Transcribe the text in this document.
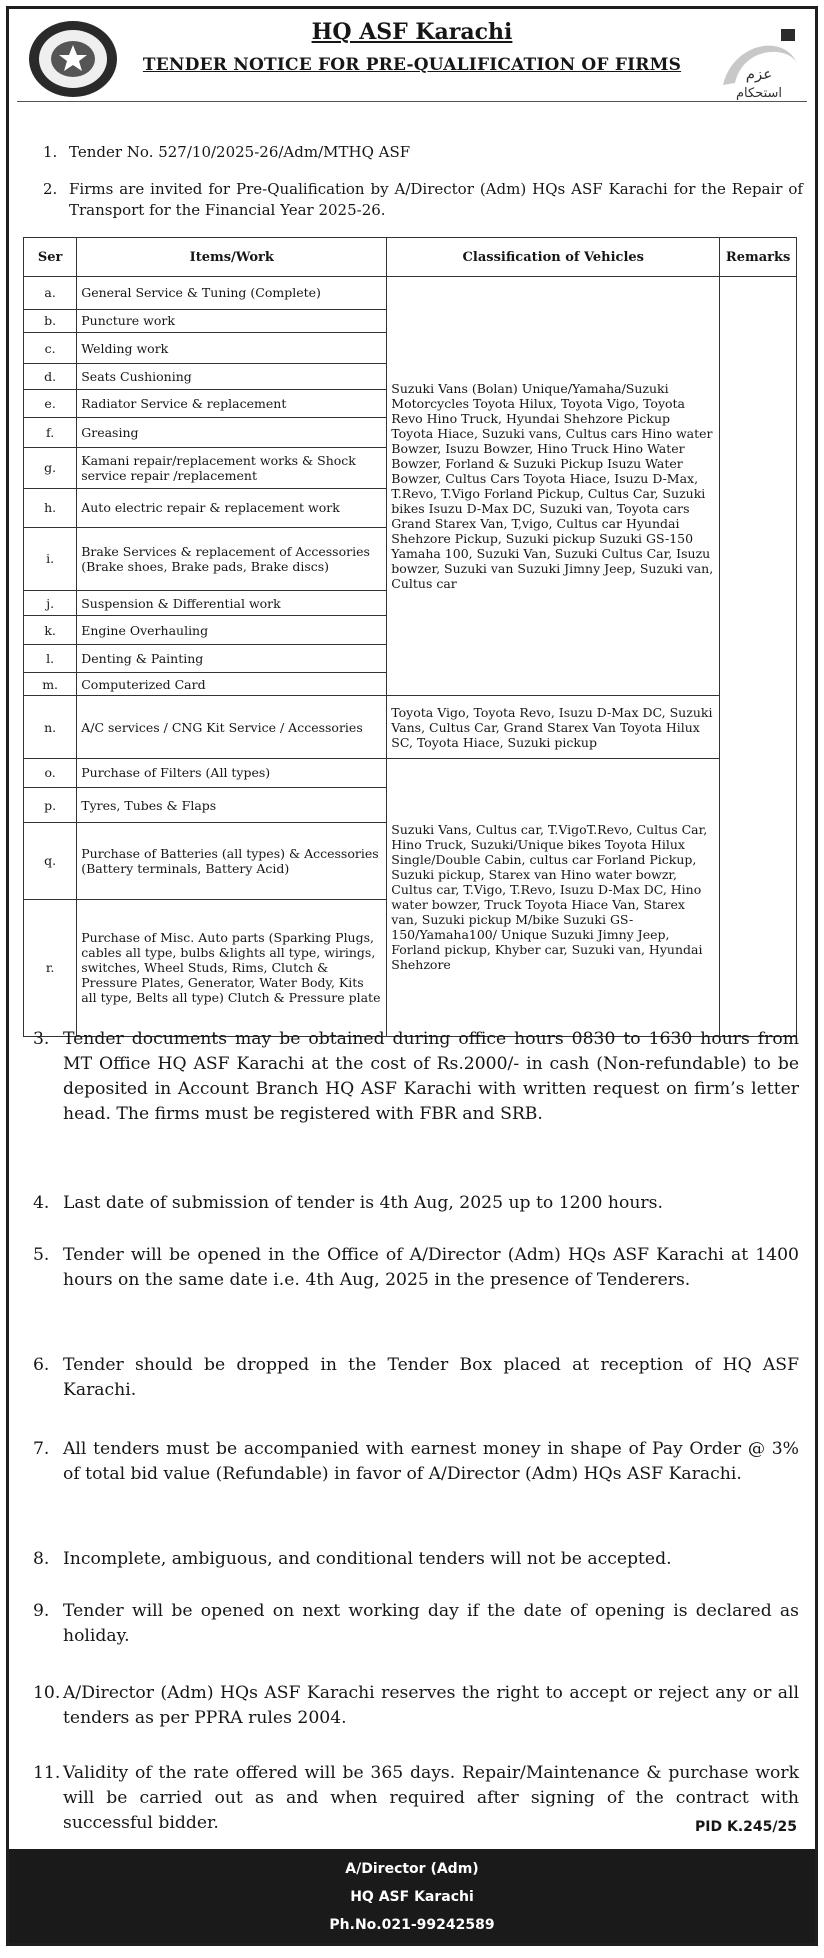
HQ ASF Karachi
TENDER NOTICE FOR PRE-QUALIFICATION OF FIRMS	عزم
استحکام
1. Tender No. 527/10/2025-26/Adm/MTHQ ASF
2. Firms are invited for Pre-Qualification by A/Director (Adm) HQs ASF Karachi for the Repair of Transport for the Financial Year 2025-26.
Ser	Items/Work	Classification of Vehicles	Remarks
a.	General Service & Tuning (Complete)	Suzuki Vans (Bolan) Unique/Yamaha/Suzuki Motorcycles Toyota Hilux, Toyota Vigo, Toyota Revo Hino Truck, Hyundai Shehzore Pickup Toyota Hiace, Suzuki vans, Cultus cars Hino water Bowzer, Isuzu Bowzer, Hino Truck Hino Water Bowzer, Forland & Suzuki Pickup Isuzu Water Bowzer, Cultus Cars Toyota Hiace, Isuzu D-Max, T.Revo, T.Vigo Forland Pickup, Cultus Car, Suzuki bikes Isuzu D-Max DC, Suzuki van, Toyota cars Grand Starex Van, T,vigo, Cultus car Hyundai Shehzore Pickup, Suzuki pickup Suzuki GS-150 Yamaha 100, Suzuki Van, Suzuki Cultus Car, Isuzu bowzer, Suzuki van Suzuki Jimny Jeep, Suzuki van, Cultus car	
b.	Puncture work		
c.	Welding work		
d.	Seats Cushioning		
e.	Radiator Service & replacement		
f.	Greasing		
g.	Kamani repair/replacement works & Shock service repair /replacement		
h.	Auto electric repair & replacement work		
i.	Brake Services & replacement of Accessories (Brake shoes, Brake pads, Brake discs)		
j.	Suspension & Differential work		
k.	Engine Overhauling		
l.	Denting & Painting		
m.	Computerized Card		
n.	A/C services / CNG Kit Service / Accessories	Toyota Vigo, Toyota Revo, Isuzu D-Max DC, Suzuki Vans, Cultus Car, Grand Starex Van Toyota Hilux SC, Toyota Hiace, Suzuki pickup	
o.	Purchase of Filters (All types)	Suzuki Vans, Cultus car, T.VigoT.Revo, Cultus Car, Hino Truck, Suzuki/Unique bikes Toyota Hilux Single/Double Cabin, cultus car Forland Pickup, Suzuki pickup, Starex van Hino water bowzr, Cultus car, T.Vigo, T.Revo, Isuzu D-Max DC, Hino water bowzer, Truck Toyota Hiace Van, Starex van, Suzuki pickup M/bike Suzuki GS-150/Yamaha100/ Unique Suzuki Jimny Jeep, Forland pickup, Khyber car, Suzuki van, Hyundai Shehzore	
p.	Tyres, Tubes & Flaps		
q.	Purchase of Batteries (all types) & Accessories (Battery terminals, Battery Acid)		
r.	Purchase of Misc. Auto parts (Sparking Plugs, cables all type, bulbs &lights all type, wirings, switches, Wheel Studs, Rims, Clutch & Pressure Plates, Generator, Water Body, Kits all type, Belts all type) Clutch & Pressure plate		
3. Tender documents may be obtained during office hours 0830 to 1630 hours from MT Office HQ ASF Karachi at the cost of Rs.2000/- in cash (Non-refundable) to be deposited in Account Branch HQ ASF Karachi with written request on firm’s letter head. The firms must be registered with FBR and SRB.
4. Last date of submission of tender is 4th Aug, 2025 up to 1200 hours.
5. Tender will be opened in the Office of A/Director (Adm) HQs ASF Karachi at 1400 hours on the same date i.e. 4th Aug, 2025 in the presence of Tenderers.
6. Tender should be dropped in the Tender Box placed at reception of HQ ASF Karachi.
7. All tenders must be accompanied with earnest money in shape of Pay Order @ 3% of total bid value (Refundable) in favor of A/Director (Adm) HQs ASF Karachi.
8. Incomplete, ambiguous, and conditional tenders will not be accepted.
9. Tender will be opened on next working day if the date of opening is declared as holiday.
10. A/Director (Adm) HQs ASF Karachi reserves the right to accept or reject any or all tenders as per PPRA rules 2004.
11. Validity of the rate offered will be 365 days. Repair/Maintenance & purchase work will be carried out as and when required after signing of the contract with successful bidder.	PID K.245/25
A/Director (Adm)
HQ ASF Karachi
Ph.No.021-99242589
